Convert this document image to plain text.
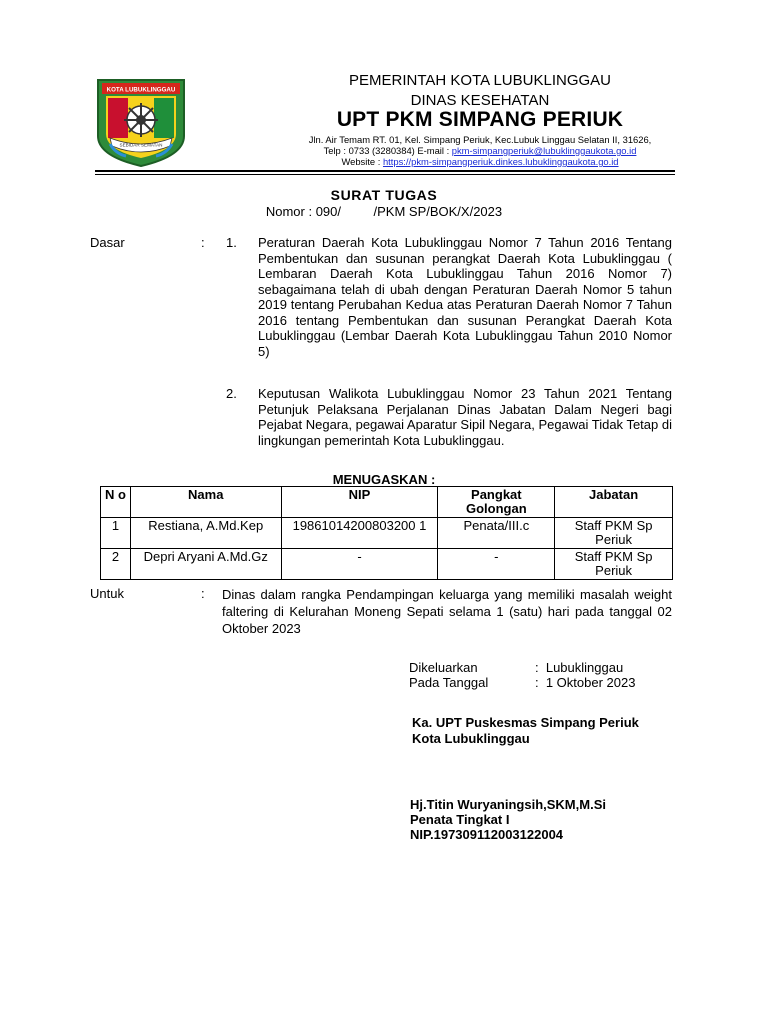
KOTA LUBUKLINGGAU
SEBIDAR SEMATAN
PEMERINTAH KOTA LUBUKLINGGAU
DINAS KESEHATAN
UPT PKM SIMPANG PERIUK
Jln. Air Temam RT. 01, Kel. Simpang Periuk, Kec.Lubuk Linggau Selatan II, 31626,
Telp : 0733 (3280384) E-mail : pkm-simpangperiuk@lubuklinggaukota.go.id
Website : https://pkm-simpangperiuk.dinkes.lubuklinggaukota.go.id
SURAT TUGAS
Nomor : 090/         /PKM SP/BOK/X/2023
Dasar	: 1. Peraturan Daerah Kota Lubuklinggau Nomor 7 Tahun 2016 Tentang Pembentukan dan susunan perangkat Daerah Kota Lubuklinggau ( Lembaran Daerah Kota Lubuklinggau Tahun 2016 Nomor 7) sebagaimana telah di ubah dengan Peraturan Daerah Nomor 5 tahun 2019 tentang Perubahan Kedua atas Peraturan Daerah Nomor 7 Tahun 2016 tentang Pembentukan dan susunan Perangkat Daerah Kota Lubuklinggau (Lembar Daerah Kota Lubuklinggau Tahun 2010 Nomor 5)
2. Keputusan Walikota Lubuklinggau Nomor 23 Tahun 2021 Tentang Petunjuk Pelaksana Perjalanan Dinas Jabatan Dalam Negeri bagi Pejabat Negara, pegawai Aparatur Sipil Negara, Pegawai Tidak Tetap di lingkungan pemerintah Kota Lubuklinggau.
MENUGASKAN :
N o	Nama	NIP	Pangkat Golongan	Jabatan
1	Restiana, A.Md.Kep	19861014200803200 1	Penata/III.c	Staff PKM Sp Periuk
2	Depri Aryani A.Md.Gz	-	-	Staff PKM Sp Periuk
Untuk	: Dinas dalam rangka Pendampingan keluarga yang memiliki masalah weight faltering di Kelurahan Moneng Sepati selama 1 (satu) hari pada tanggal 02 Oktober 2023
Dikeluarkan	:  Lubuklinggau
Pada Tanggal	:  1 Oktober 2023
Ka. UPT Puskesmas Simpang Periuk
Kota Lubuklinggau
Hj.Titin Wuryaningsih,SKM,M.Si
Penata Tingkat I
NIP.197309112003122004
